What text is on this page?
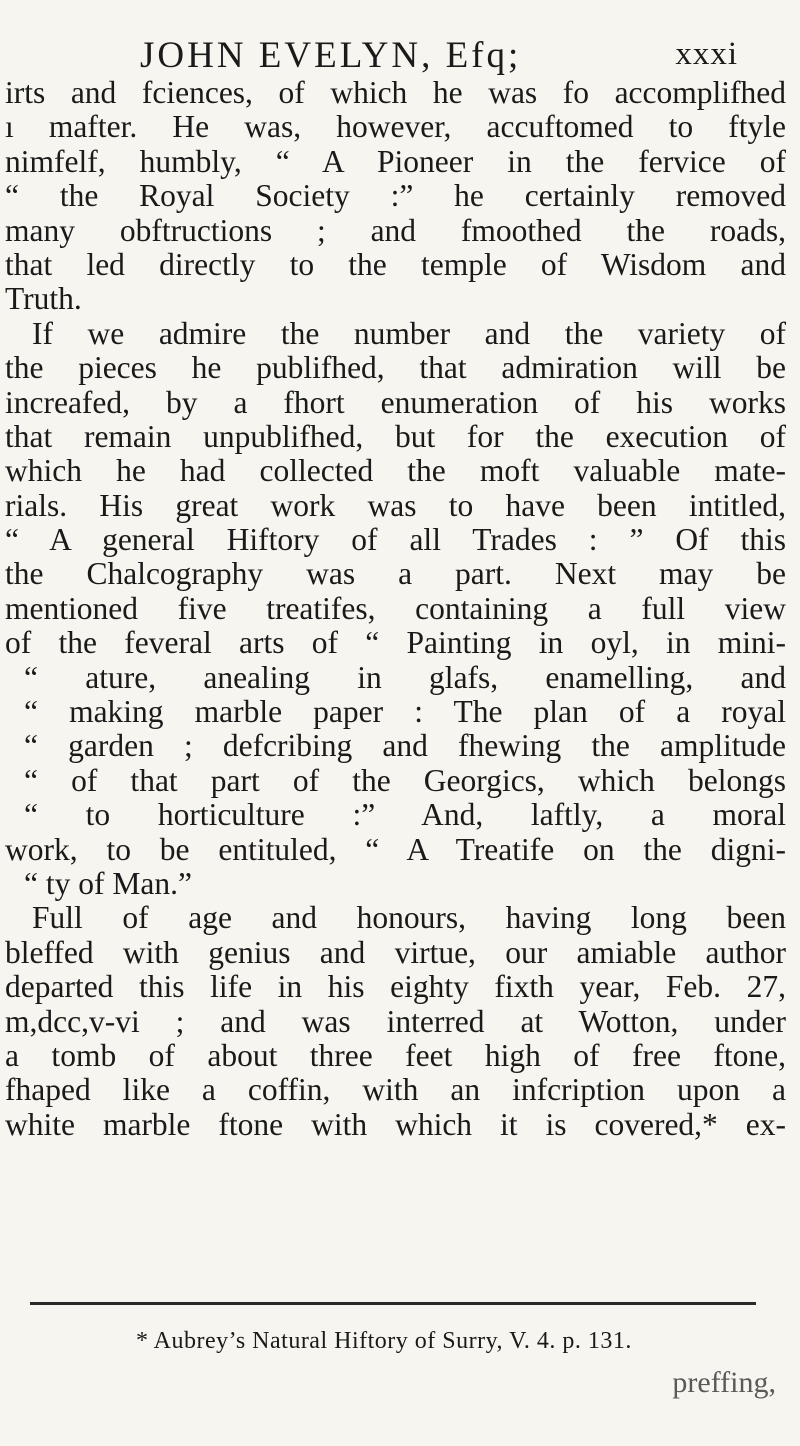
JOHN EVELYN, Efq;	xxxi
irts and fciences, of which he was fo accomplifhed
ı mafter. He was, however, accuftomed to ftyle
nimfelf, humbly, “ A Pioneer in the fervice of
“ the Royal Society :” he certainly removed
many obftructions ; and fmoothed the roads,
that led directly to the temple of Wisdom and
Truth.
If we admire the number and the variety of
the pieces he publifhed, that admiration will be
increafed, by a fhort enumeration of his works
that remain unpublifhed, but for the execution of
which he had collected the moft valuable mate-
rials. His great work was to have been intitled,
“ A general Hiftory of all Trades : ” Of this
the Chalcography was a part. Next may be
mentioned five treatifes, containing a full view
of the feveral arts of “ Painting in oyl, in mini-
“ ature, anealing in glafs, enamelling, and
“ making marble paper : The plan of a royal
“ garden ; defcribing and fhewing the amplitude
“ of that part of the Georgics, which belongs
“ to horticulture :” And, laftly, a moral
work, to be entituled, “ A Treatife on the digni-
“ ty of Man.”
Full of age and honours, having long been
bleffed with genius and virtue, our amiable author
departed this life in his eighty fixth year, Feb. 27,
m,dcc,v-vi ; and was interred at Wotton, under
a tomb of about three feet high of free ftone,
fhaped like a coffin, with an infcription upon a
white marble ftone with which it is covered,* ex-
* Aubrey’s Natural Hiftory of Surry, V. 4. p. 131.
preffing,
